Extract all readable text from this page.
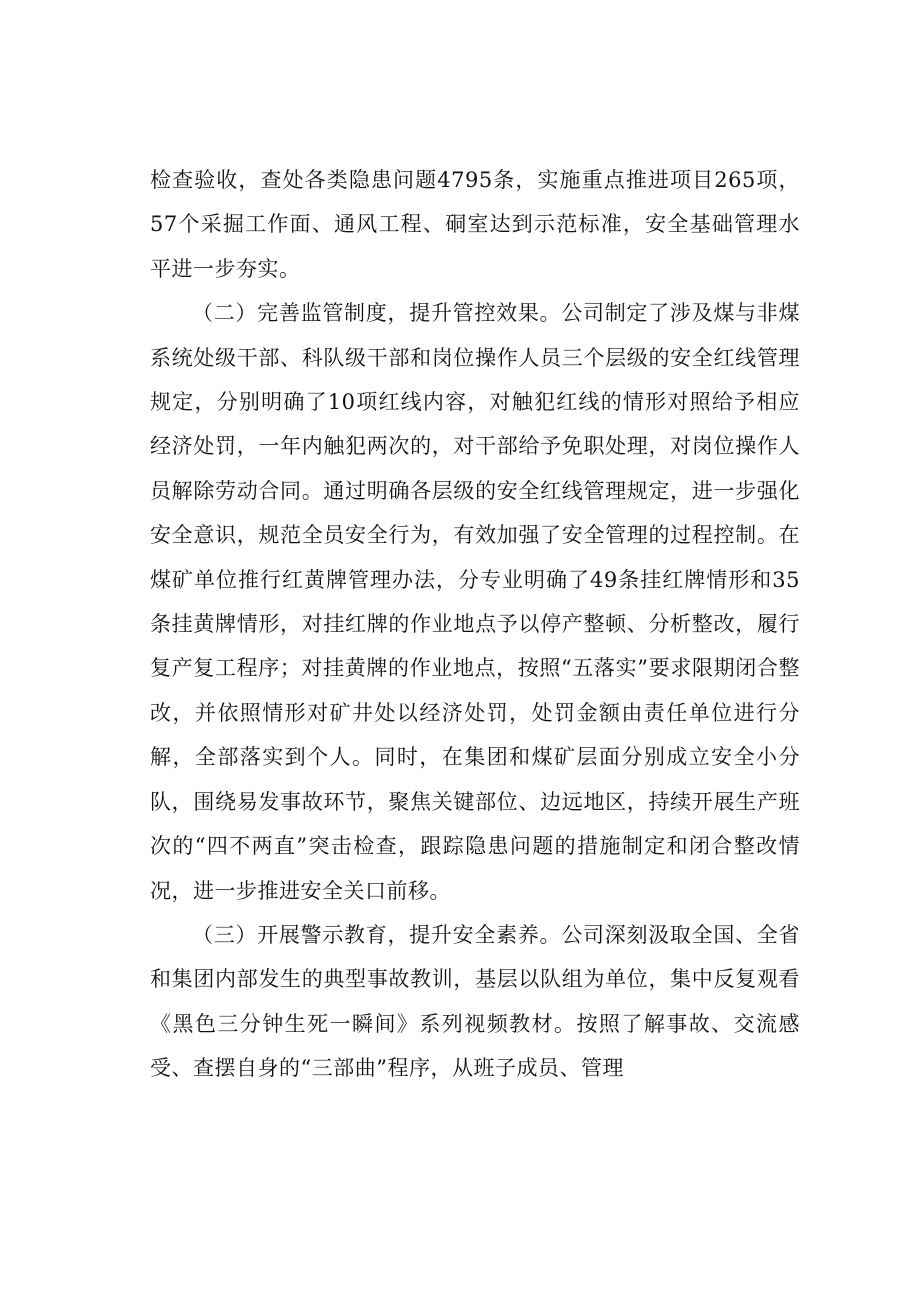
检查验收，查处各类隐患问题4795条，实施重点推进项目265项，57个采掘工作面、通风工程、硐室达到示范标准，安全基础管理水平进一步夯实。

（二）完善监管制度，提升管控效果。公司制定了涉及煤与非煤系统处级干部、科队级干部和岗位操作人员三个层级的安全红线管理规定，分别明确了10项红线内容，对触犯红线的情形对照给予相应经济处罚，一年内触犯两次的，对干部给予免职处理，对岗位操作人员解除劳动合同。通过明确各层级的安全红线管理规定，进一步强化安全意识，规范全员安全行为，有效加强了安全管理的过程控制。在煤矿单位推行红黄牌管理办法，分专业明确了49条挂红牌情形和35条挂黄牌情形，对挂红牌的作业地点予以停产整顿、分析整改，履行复产复工程序；对挂黄牌的作业地点，按照“五落实”要求限期闭合整改，并依照情形对矿井处以经济处罚，处罚金额由责任单位进行分解，全部落实到个人。同时，在集团和煤矿层面分别成立安全小分队，围绕易发事故环节，聚焦关键部位、边远地区，持续开展生产班次的“四不两直”突击检查，跟踪隐患问题的措施制定和闭合整改情况，进一步推进安全关口前移。

（三）开展警示教育，提升安全素养。公司深刻汲取全国、全省和集团内部发生的典型事故教训，基层以队组为单位，集中反复观看《黑色三分钟生死一瞬间》系列视频教材。按照了解事故、交流感受、查摆自身的“三部曲”程序，从班子成员、管理
